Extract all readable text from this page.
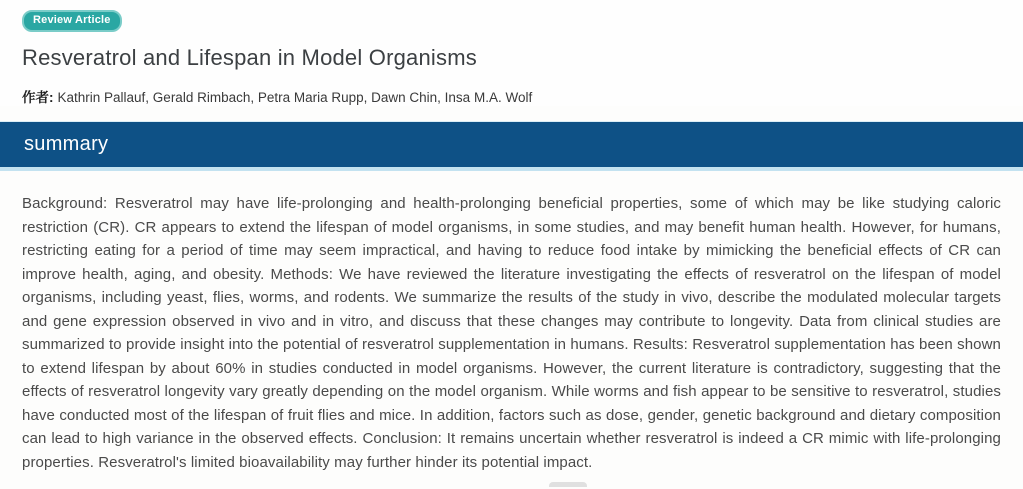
Review Article
Resveratrol and Lifespan in Model Organisms
作者: Kathrin Pallauf, Gerald Rimbach, Petra Maria Rupp, Dawn Chin, Insa M.A. Wolf
summary

Background: Resveratrol may have life-prolonging and health-prolonging beneficial properties, some of which may be like studying caloric restriction (CR). CR appears to extend the lifespan of model organisms, in some studies, and may benefit human health. However, for humans, restricting eating for a period of time may seem impractical, and having to reduce food intake by mimicking the beneficial effects of CR can improve health, aging, and obesity. Methods: We have reviewed the literature investigating the effects of resveratrol on the lifespan of model organisms, including yeast, flies, worms, and rodents. We summarize the results of the study in vivo, describe the modulated molecular targets and gene expression observed in vivo and in vitro, and discuss that these changes may contribute to longevity. Data from clinical studies are summarized to provide insight into the potential of resveratrol supplementation in humans. Results: Resveratrol supplementation has been shown to extend lifespan by about 60% in studies conducted in model organisms. However, the current literature is contradictory, suggesting that the effects of resveratrol longevity vary greatly depending on the model organism. While worms and fish appear to be sensitive to resveratrol, studies have conducted most of the lifespan of fruit flies and mice. In addition, factors such as dose, gender, genetic background and dietary composition can lead to high variance in the observed effects. Conclusion: It remains uncertain whether resveratrol is indeed a CR mimic with life-prolonging properties. Resveratrol's limited bioavailability may further hinder its potential impact.
